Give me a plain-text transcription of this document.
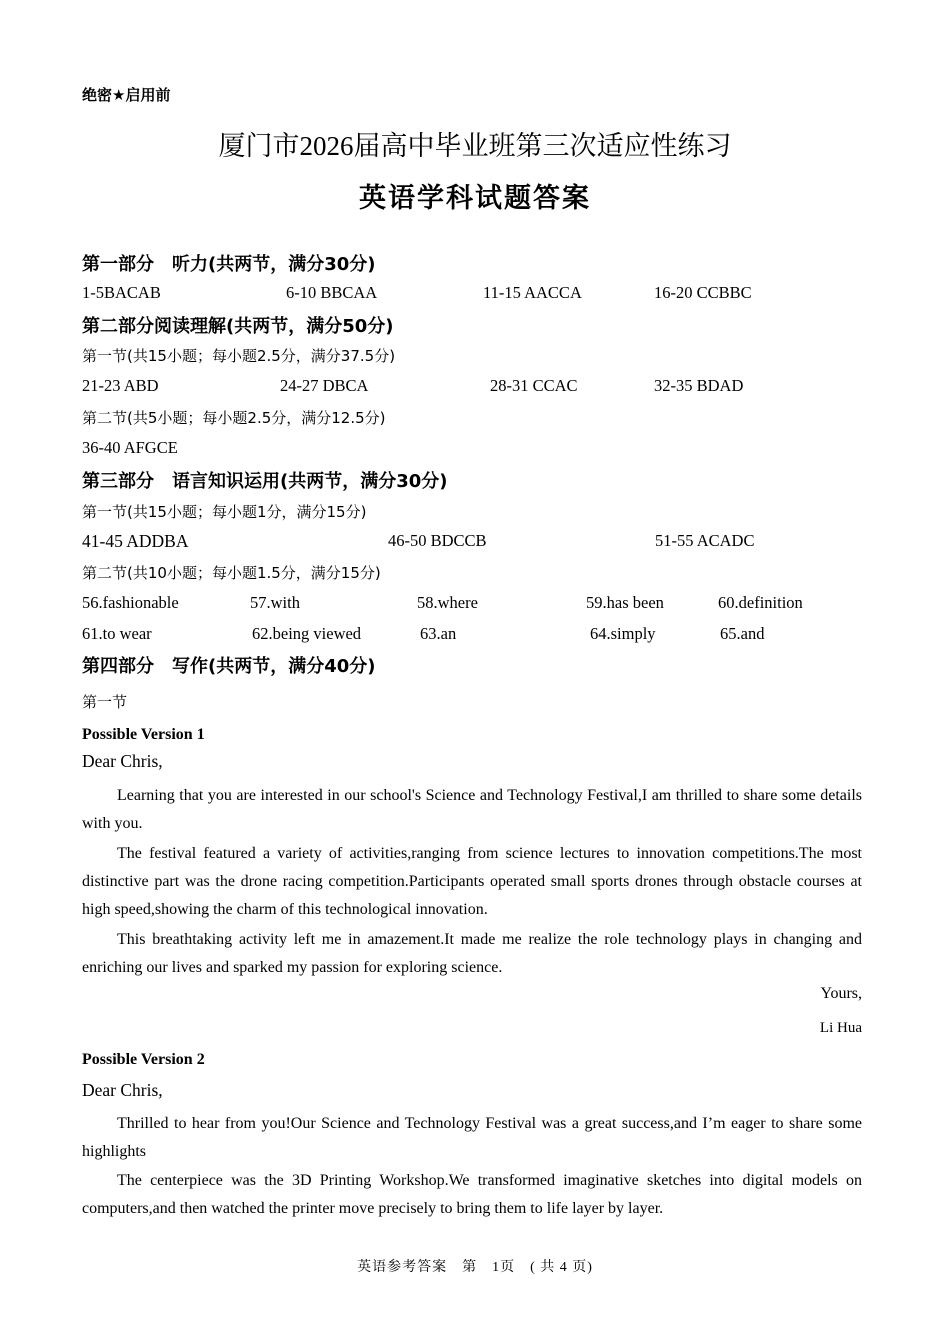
绝密★启用前
厦门市2026届高中毕业班第三次适应性练习
英语学科试题答案
第一部分　听力(共两节，满分30分)
1-5BACAB	6-10 BBCAA	11-15 AACCA	16-20 CCBBC
第二部分阅读理解(共两节，满分50分)
第一节(共15小题；每小题2.5分，满分37.5分)
21-23 ABD	24-27 DBCA	28-31 CCAC	32-35 BDAD
第二节(共5小题；每小题2.5分，满分12.5分)
36-40 AFGCE
第三部分　语言知识运用(共两节，满分30分)
第一节(共15小题；每小题1分，满分15分)
41-45 ADDBA	46-50 BDCCB	51-55 ACADC
第二节(共10小题；每小题1.5分，满分15分)
56.fashionable	57.with	58.where	59.has been	60.definition
61.to wear	62.being viewed	63.an	64.simply	65.and
第四部分　写作(共两节，满分40分)
第一节
Possible Version 1
Dear Chris,
Learning that you are interested in our school's Science and Technology Festival,I am thrilled to share some details with you.
The festival featured a variety of activities,ranging from science lectures to innovation competitions.The most distinctive part was the drone racing competition.Participants operated small sports drones through obstacle courses at high speed,showing the charm of this technological innovation.
This breathtaking activity left me in amazement.It made me realize the role technology plays in changing and enriching our lives and sparked my passion for exploring science.
Yours,
Li Hua
Possible Version 2
Dear Chris,
Thrilled to hear from you!Our Science and Technology Festival was a great success,and I’m eager to share some highlights
The centerpiece was the 3D Printing Workshop.We transformed imaginative sketches into digital models on computers,and then watched the printer move precisely to bring them to life layer by layer.
英语参考答案　第　1页　( 共 4 页)
